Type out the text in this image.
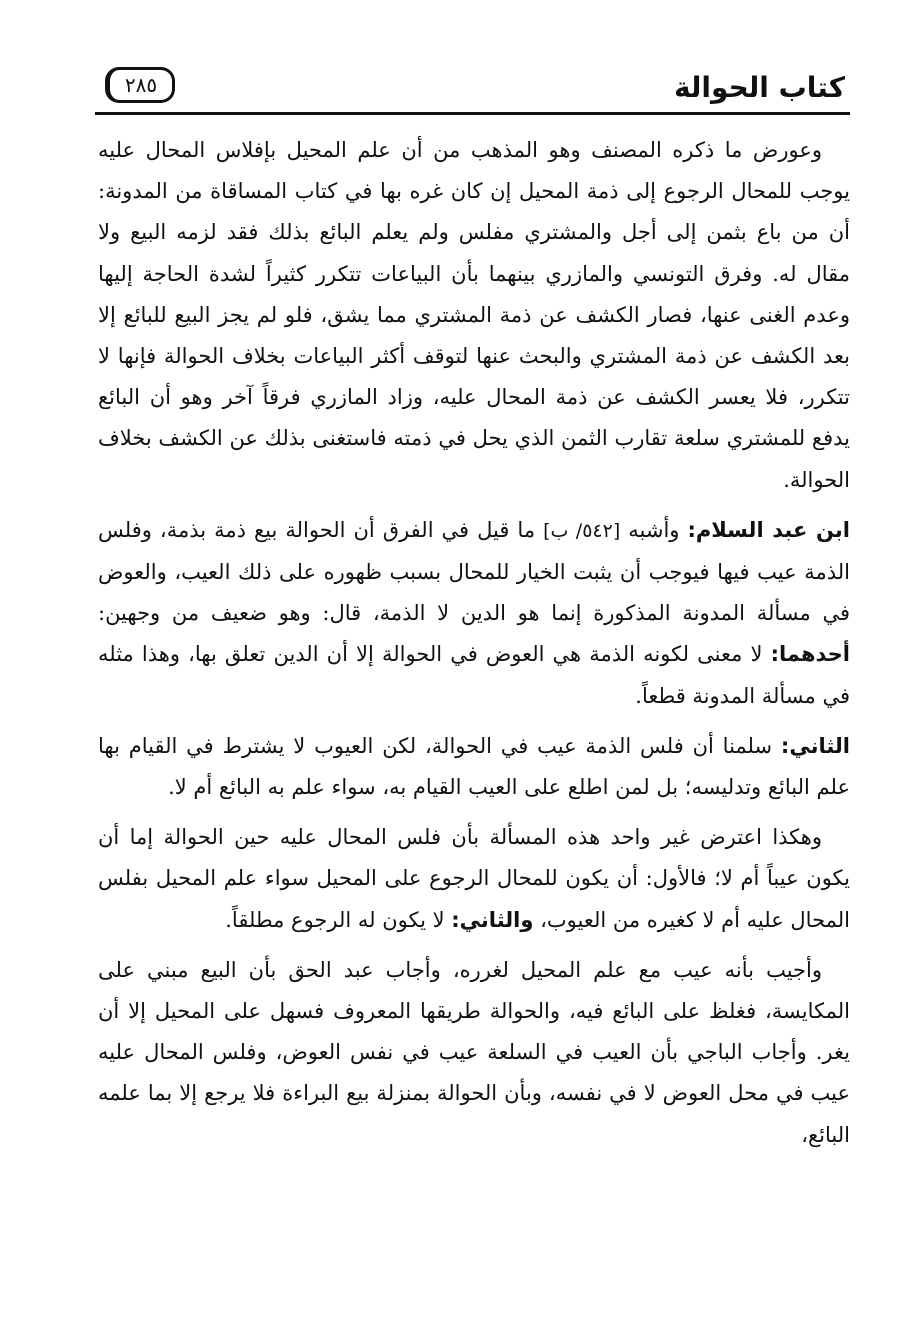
كتاب الحوالة
٢٨٥

وعورض ما ذكره المصنف وهو المذهب من أن علم المحيل بإفلاس المحال عليه يوجب للمحال الرجوع إلى ذمة المحيل إن كان غره بها في كتاب المساقاة من المدونة: أن من باع بثمن إلى أجل والمشتري مفلس ولم يعلم البائع بذلك فقد لزمه البيع ولا مقال له. وفرق التونسي والمازري بينهما بأن البياعات تتكرر كثيراً لشدة الحاجة إليها وعدم الغنى عنها، فصار الكشف عن ذمة المشتري مما يشق، فلو لم يجز البيع للبائع إلا بعد الكشف عن ذمة المشتري والبحث عنها لتوقف أكثر البياعات بخلاف الحوالة فإنها لا تتكرر، فلا يعسر الكشف عن ذمة المحال عليه، وزاد المازري فرقاً آخر وهو أن البائع يدفع للمشتري سلعة تقارب الثمن الذي يحل في ذمته فاستغنى بذلك عن الكشف بخلاف الحوالة.

ابن عبد السلام: وأشبه [٥٤٢/ ب] ما قيل في الفرق أن الحوالة بيع ذمة بذمة، وفلس الذمة عيب فيها فيوجب أن يثبت الخيار للمحال بسبب ظهوره على ذلك العيب، والعوض في مسألة المدونة المذكورة إنما هو الدين لا الذمة، قال: وهو ضعيف من وجهين: أحدهما: لا معنى لكونه الذمة هي العوض في الحوالة إلا أن الدين تعلق بها، وهذا مثله في مسألة المدونة قطعاً.

الثاني: سلمنا أن فلس الذمة عيب في الحوالة، لكن العيوب لا يشترط في القيام بها علم البائع وتدليسه؛ بل لمن اطلع على العيب القيام به، سواء علم به البائع أم لا.

وهكذا اعترض غير واحد هذه المسألة بأن فلس المحال عليه حين الحوالة إما أن يكون عيباً أم لا؛ فالأول: أن يكون للمحال الرجوع على المحيل سواء علم المحيل بفلس المحال عليه أم لا كغيره من العيوب، والثاني: لا يكون له الرجوع مطلقاً.

وأجيب بأنه عيب مع علم المحيل لغرره، وأجاب عبد الحق بأن البيع مبني على المكايسة، فغلظ على البائع فيه، والحوالة طريقها المعروف فسهل على المحيل إلا أن يغر. وأجاب الباجي بأن العيب في السلعة عيب في نفس العوض، وفلس المحال عليه عيب في محل العوض لا في نفسه، وبأن الحوالة بمنزلة بيع البراءة فلا يرجع إلا بما علمه البائع،
